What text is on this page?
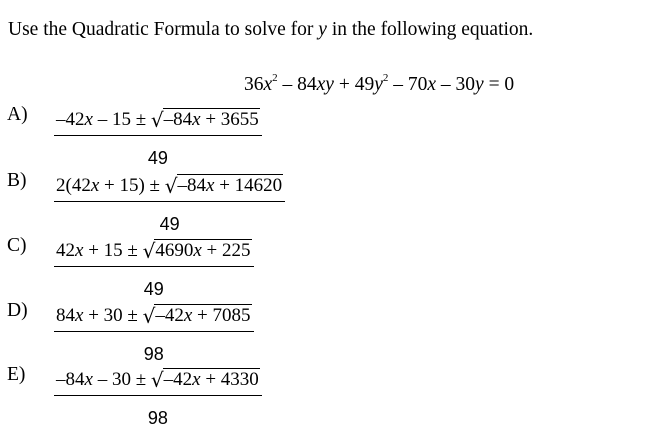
Use the Quadratic Formula to solve for y in the following equation.
$36x^2 - 84xy + 49y^2 - 70x - 30y = 0$
A) –42x – 15 ± √–84x + 3655
49
B) 2(42x + 15) ± √–84x + 14620
49
C) 42x + 15 ± √4690x + 225
49
D) 84x + 30 ± √–42x + 7085
98
E) –84x – 30 ± √–42x + 4330
98
